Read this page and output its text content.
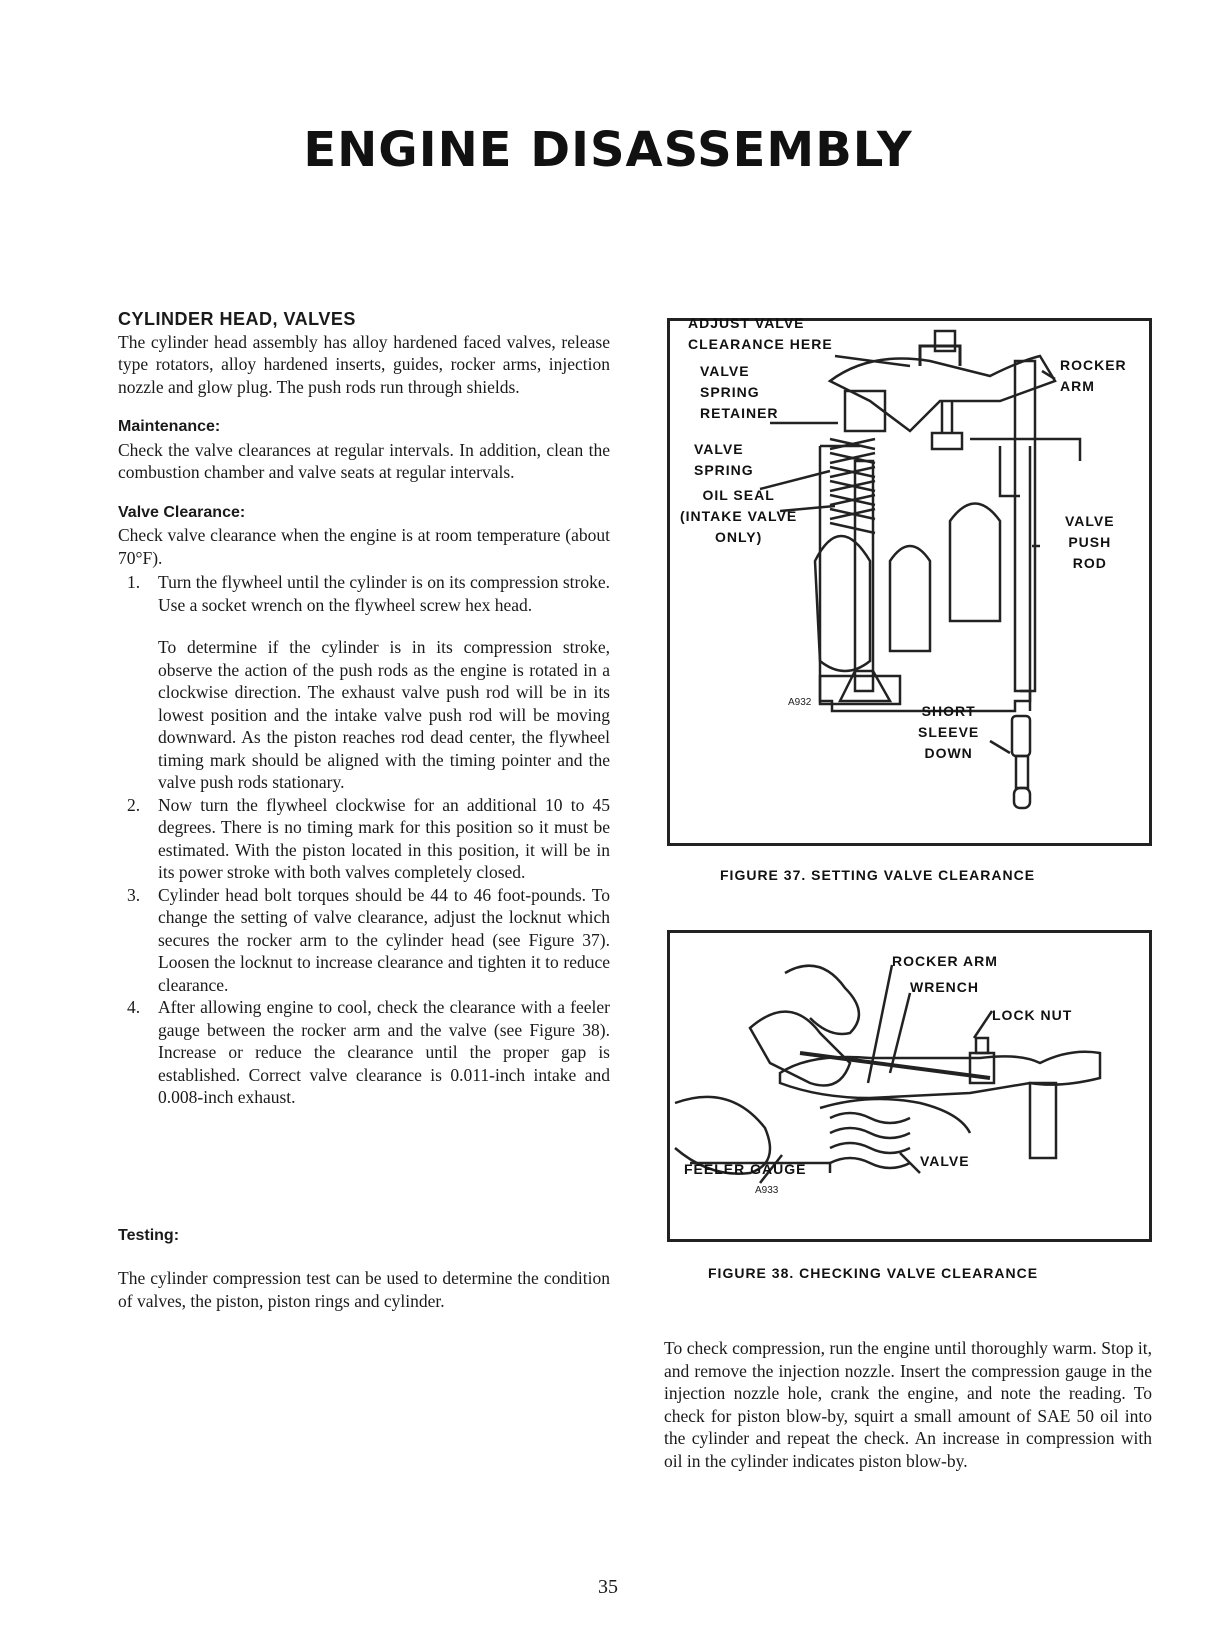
ENGINE DISASSEMBLY
CYLINDER HEAD, VALVES

The cylinder head assembly has alloy hardened faced valves, release type rotators, alloy hardened inserts, guides, rocker arms, injection nozzle and glow plug. The push rods run through shields.

Maintenance:

Check the valve clearances at regular intervals. In addition, clean the combustion chamber and valve seats at regular intervals.

Valve Clearance:

Check valve clearance when the engine is at room temperature (about 70°F).

1. Turn the flywheel until the cylinder is on its compression stroke. Use a socket wrench on the flywheel screw hex head.

To determine if the cylinder is in its compression stroke, observe the action of the push rods as the engine is rotated in a clockwise direction. The exhaust valve push rod will be in its lowest position and the intake valve push rod will be moving downward. As the piston reaches rod dead center, the flywheel timing mark should be aligned with the timing pointer and the valve push rods stationary.

2. Now turn the flywheel clockwise for an additional 10 to 45 degrees. There is no timing mark for this position so it must be estimated. With the piston located in this position, it will be in its power stroke with both valves completely closed.
3. Cylinder head bolt torques should be 44 to 46 foot-pounds. To change the setting of valve clearance, adjust the locknut which secures the rocker arm to the cylinder head (see Figure 37). Loosen the locknut to increase clearance and tighten it to reduce clearance.
4. After allowing engine to cool, check the clearance with a feeler gauge between the rocker arm and the valve (see Figure 38). Increase or reduce the clearance until the proper gap is established. Correct valve clearance is 0.011-inch intake and 0.008-inch exhaust.
Testing:

The cylinder compression test can be used to determine the condition of valves, the piston, piston rings and cylinder.

ADJUST VALVE
CLEARANCE HERE
VALVE
SPRING
RETAINER
VALVE
SPRING
OIL SEAL
(INTAKE VALVE
ONLY)
ROCKER
ARM
VALVE
PUSH
ROD
SHORT
SLEEVE
DOWN
A932
FIGURE 37. SETTING VALVE CLEARANCE
ROCKER ARM
WRENCH
LOCK NUT
FEELER GAUGE	VALVE
A933
FIGURE 38. CHECKING VALVE CLEARANCE

To check compression, run the engine until thoroughly warm. Stop it, and remove the injection nozzle. Insert the compression gauge in the injection nozzle hole, crank the engine, and note the reading. To check for piston blow-by, squirt a small amount of SAE 50 oil into the cylinder and repeat the check. An increase in compression with oil in the cylinder indicates piston blow-by.

35
